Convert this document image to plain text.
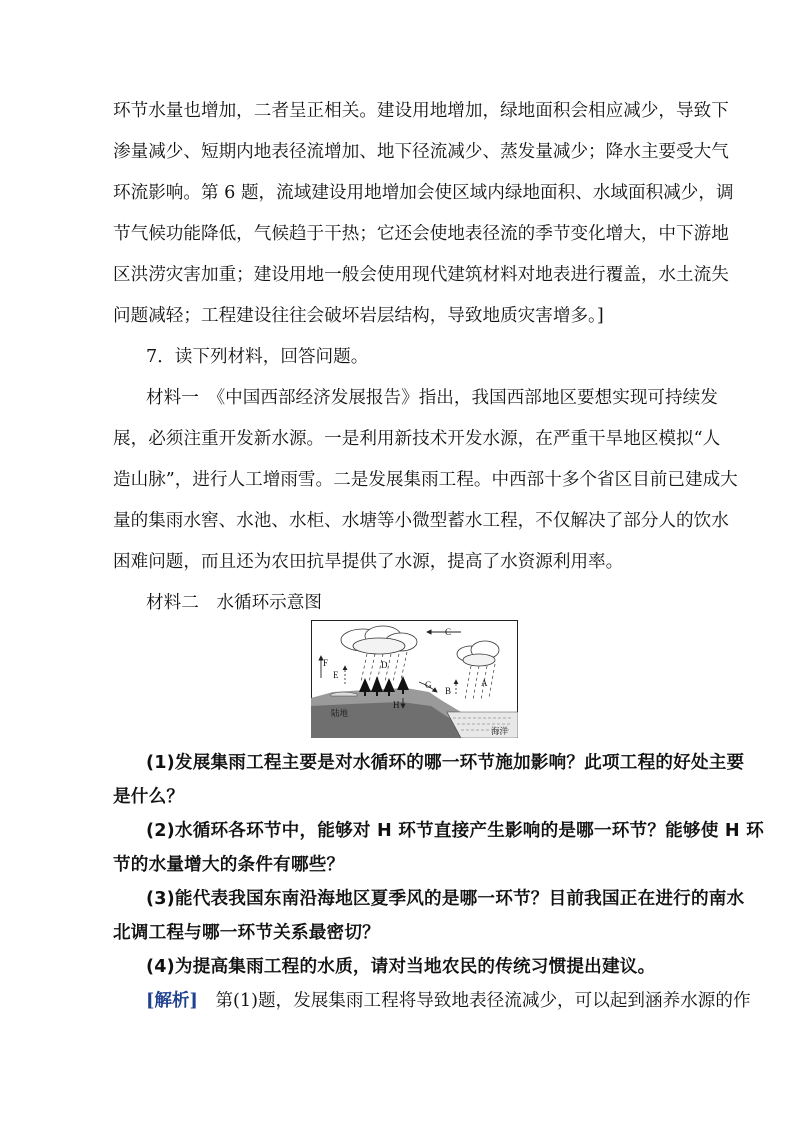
环节水量也增加，二者呈正相关。建设用地增加，绿地面积会相应减少，导致下
渗量减少、短期内地表径流增加、地下径流减少、蒸发量减少；降水主要受大气
环流影响。第 6 题，流域建设用地增加会使区域内绿地面积、水域面积减少，调
节气候功能降低，气候趋于干热；它还会使地表径流的季节变化增大，中下游地
区洪涝灾害加重；建设用地一般会使用现代建筑材料对地表进行覆盖，水土流失
问题减轻；工程建设往往会破坏岩层结构，导致地质灾害增多。]
7．读下列材料，回答问题。
材料一　《中国西部经济发展报告》指出，我国西部地区要想实现可持续发
展，必须注重开发新水源。一是利用新技术开发水源，在严重干旱地区模拟“人
造山脉”，进行人工增雨雪。二是发展集雨工程。中西部十多个省区目前已建成大
量的集雨水窖、水池、水柜、水塘等小微型蓄水工程，不仅解决了部分人的饮水
困难问题，而且还为农田抗旱提供了水源，提高了水资源利用率。
材料二　水循环示意图
C
F
E
D
G
B
A
H
陆地
海洋
(1)发展集雨工程主要是对水循环的哪一环节施加影响？此项工程的好处主要
是什么？
(2)水循环各环节中，能够对 H 环节直接产生影响的是哪一环节？能够使 H 环
节的水量增大的条件有哪些？
(3)能代表我国东南沿海地区夏季风的是哪一环节？目前我国正在进行的南水
北调工程与哪一环节关系最密切？
(4)为提高集雨工程的水质，请对当地农民的传统习惯提出建议。
[解析]　第(1)题，发展集雨工程将导致地表径流减少，可以起到涵养水源的作
